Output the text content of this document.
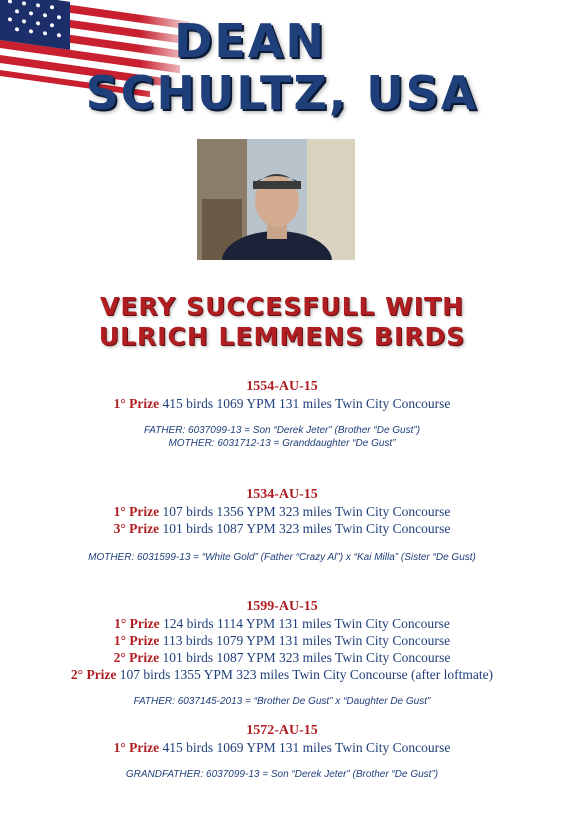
DEAN
SCHULTZ, USA
VERY SUCCESFULL WITH
ULRICH LEMMENS BIRDS
1554-AU-15
1° Prize 415 birds 1069 YPM 131 miles Twin City Concourse
FATHER: 6037099-13 = Son “Derek Jeter” (Brother “De Gust”)
MOTHER: 6031712-13 = Granddaughter “De Gust”
1534-AU-15
1° Prize 107 birds 1356 YPM 323 miles Twin City Concourse
3° Prize 101 birds 1087 YPM 323 miles Twin City Concourse
MOTHER: 6031599-13 = “White Gold” (Father “Crazy Al”) x “Kai Milla” (Sister “De Gust)
1599-AU-15
1° Prize 124 birds 1114 YPM 131 miles Twin City Concourse
1° Prize 113 birds 1079 YPM 131 miles Twin City Concourse
2° Prize 101 birds 1087 YPM 323 miles Twin City Concourse
2° Prize 107 birds 1355 YPM 323 miles Twin City Concourse (after loftmate)
FATHER: 6037145-2013 = “Brother De Gust” x “Daughter De Gust”
1572-AU-15
1° Prize 415 birds 1069 YPM 131 miles Twin City Concourse
GRANDFATHER: 6037099-13 = Son “Derek Jeter” (Brother “De Gust”)
